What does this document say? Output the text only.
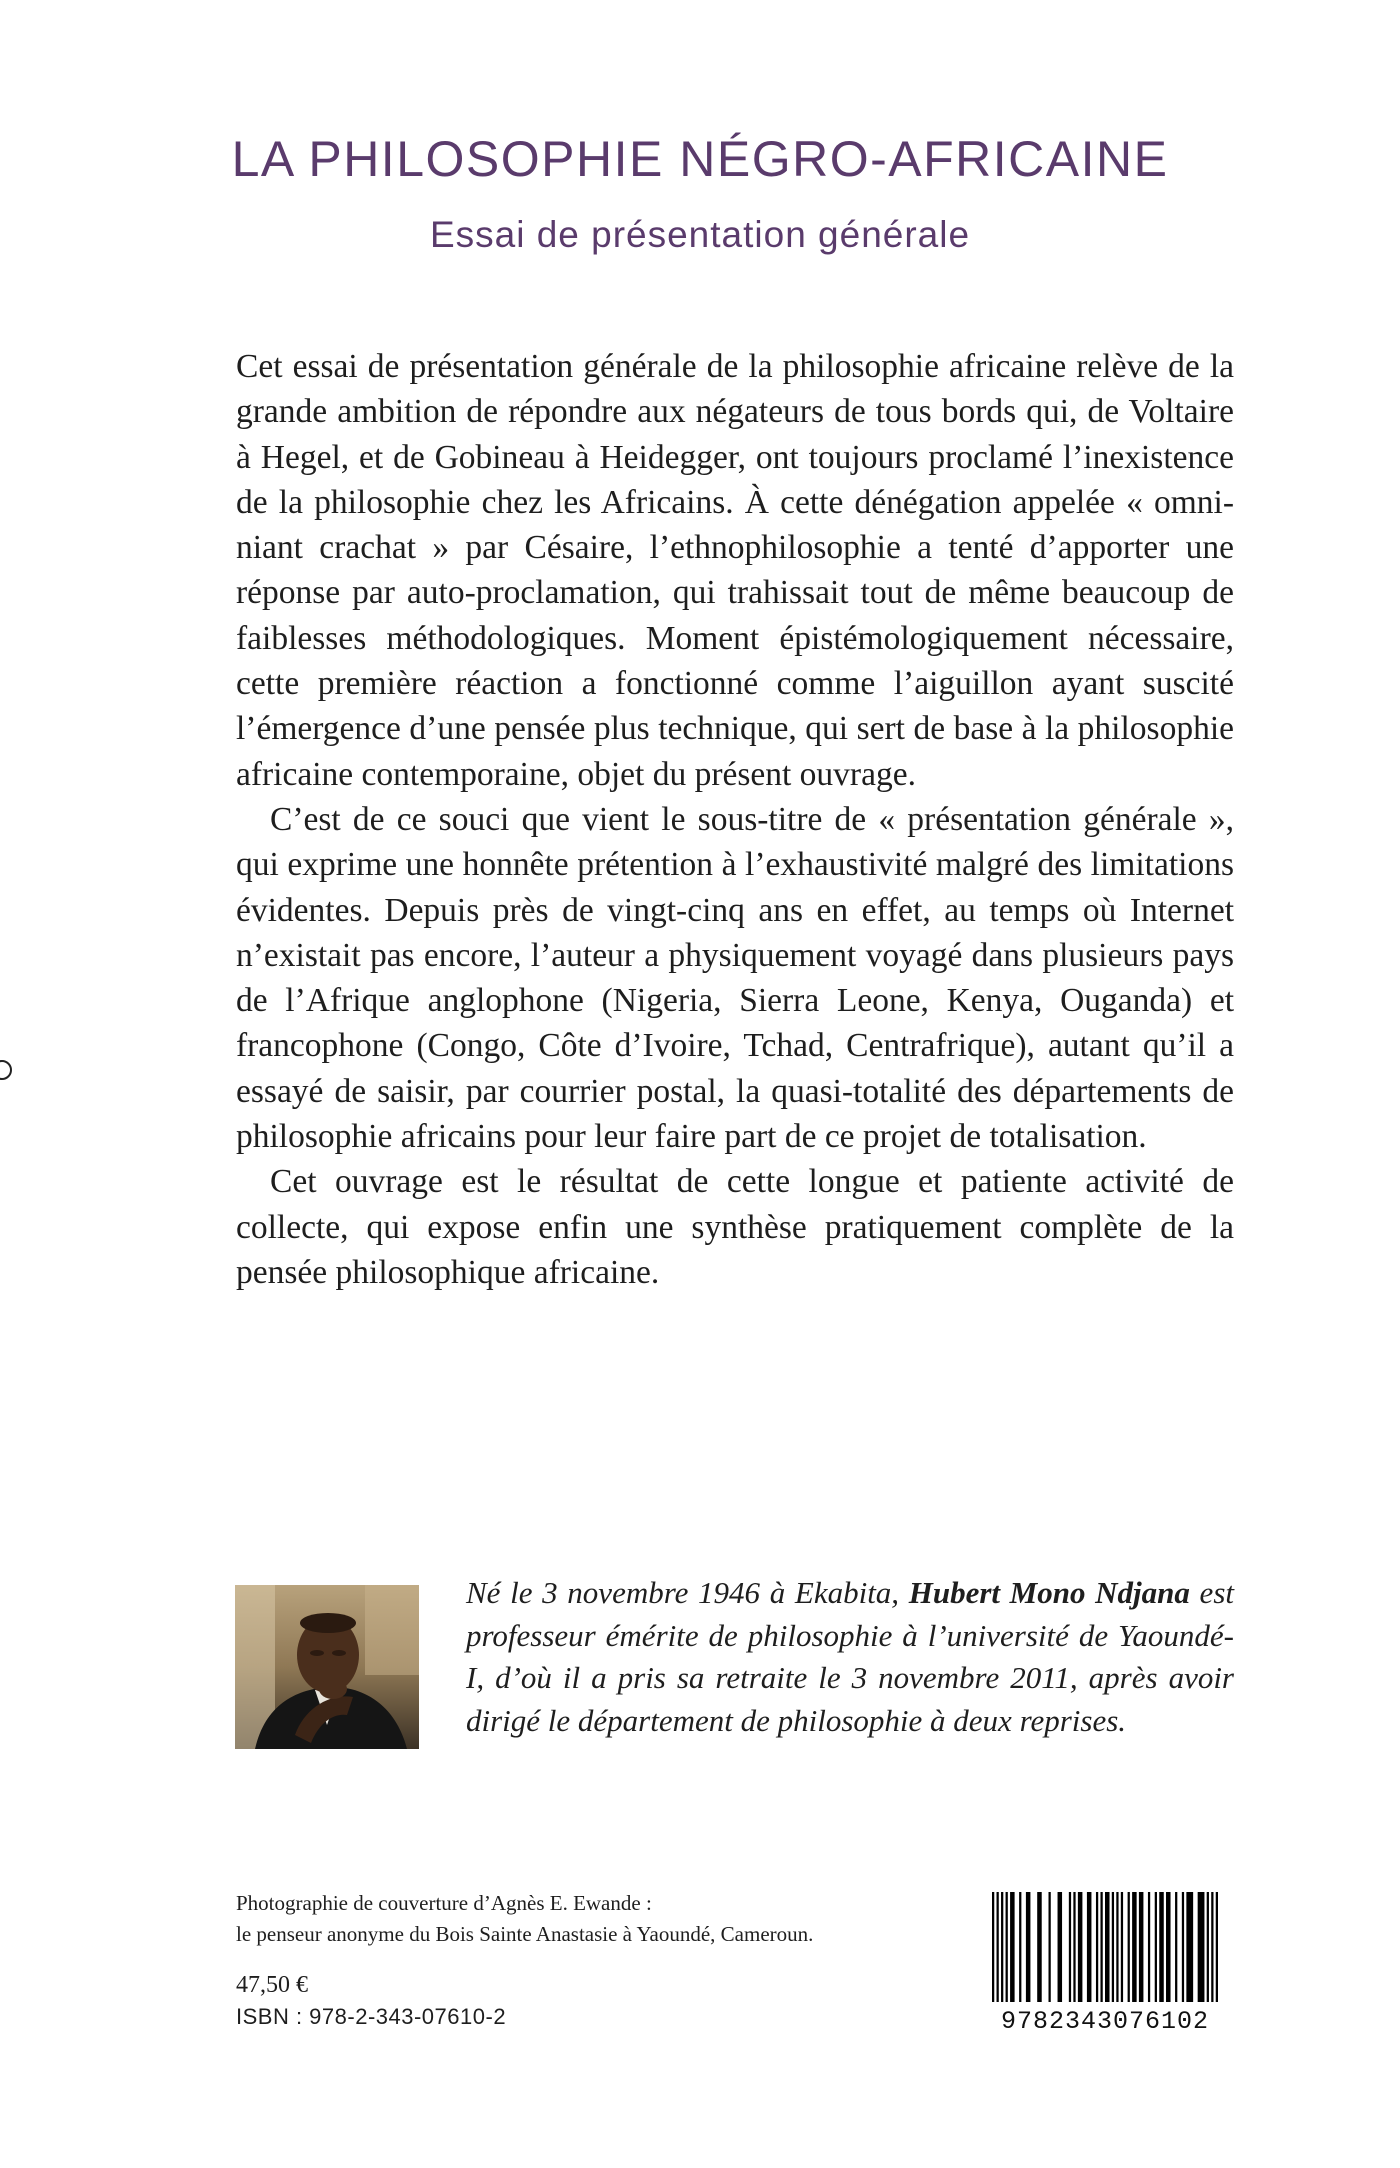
LA PHILOSOPHIE NÉGRO-AFRICAINE
Essai de présentation générale

Cet essai de présentation générale de la philosophie africaine relève de la grande ambition de répondre aux négateurs de tous bords qui, de Voltaire à Hegel, et de Gobineau à Heidegger, ont toujours proclamé l’inexistence de la philosophie chez les Africains. À cette dénégation appelée « omni-niant crachat » par Césaire, l’ethnophilosophie a tenté d’apporter une réponse par auto-proclamation, qui trahissait tout de même beaucoup de faiblesses méthodologiques. Moment épistémologiquement nécessaire, cette première réaction a fonctionné comme l’aiguillon ayant suscité l’émergence d’une pensée plus technique, qui sert de base à la philosophie africaine contemporaine, objet du présent ouvrage.

C’est de ce souci que vient le sous-titre de « présentation générale », qui exprime une honnête prétention à l’exhaustivité malgré des limitations évidentes. Depuis près de vingt-cinq ans en effet, au temps où Internet n’existait pas encore, l’auteur a physiquement voyagé dans plusieurs pays de l’Afrique anglophone (Nigeria, Sierra Leone, Kenya, Ouganda) et francophone (Congo, Côte d’Ivoire, Tchad, Centrafrique), autant qu’il a essayé de saisir, par courrier postal, la quasi-totalité des départements de philosophie africains pour leur faire part de ce projet de totalisation.

Cet ouvrage est le résultat de cette longue et patiente activité de collecte, qui expose enfin une synthèse pratiquement complète de la pensée philosophique africaine.

Né le 3 novembre 1946 à Ekabita, Hubert Mono Ndjana est professeur émérite de philosophie à l’université de Yaoundé-I, d’où il a pris sa retraite le 3 novembre 2011, après avoir dirigé le département de philosophie à deux reprises.

Photographie de couverture d’Agnès E. Ewande :
le penseur anonyme du Bois Sainte Anastasie à Yaoundé, Cameroun.
47,50 €
ISBN : 978-2-343-07610-2	9782343076102
